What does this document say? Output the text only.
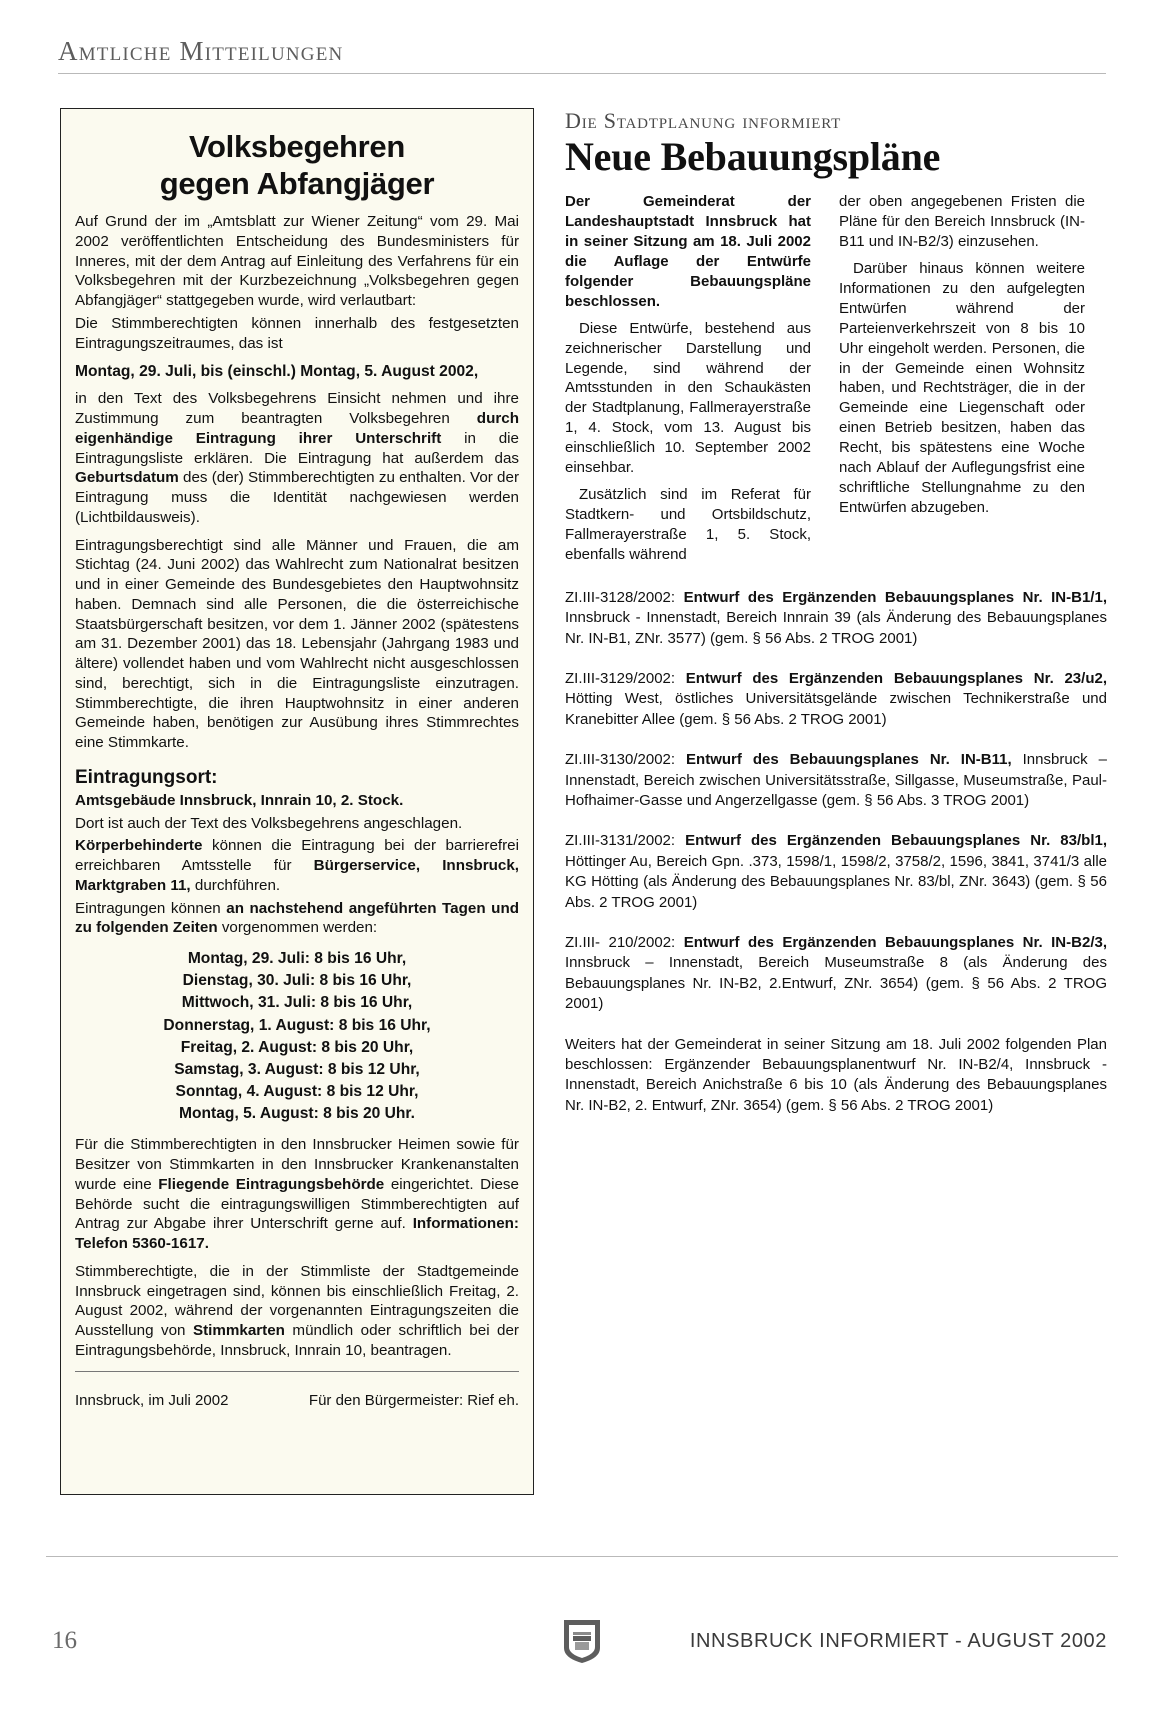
Amtliche Mitteilungen
Volksbegehren
gegen Abfangjäger

Auf Grund der im „Amtsblatt zur Wiener Zeitung“ vom 29. Mai 2002 veröffentlichten Entscheidung des Bundesministers für Inneres, mit der dem Antrag auf Einleitung des Verfahrens für ein Volksbegehren mit der Kurzbezeichnung „Volksbegehren gegen Abfangjäger“ stattgegeben wurde, wird verlautbart:

Die Stimmberechtigten können innerhalb des festgesetzten Eintragungszeitraumes, das ist

Montag, 29. Juli, bis (einschl.) Montag, 5. August 2002,

in den Text des Volksbegehrens Einsicht nehmen und ihre Zustimmung zum beantragten Volksbegehren durch eigenhändige Eintragung ihrer Unterschrift in die Eintragungsliste erklären. Die Eintragung hat außerdem das Geburtsdatum des (der) Stimmberechtigten zu enthalten. Vor der Eintragung muss die Identität nachgewiesen werden (Lichtbildausweis).

Eintragungsberechtigt sind alle Männer und Frauen, die am Stichtag (24. Juni 2002) das Wahlrecht zum Nationalrat besitzen und in einer Gemeinde des Bundesgebietes den Hauptwohnsitz haben. Demnach sind alle Personen, die die österreichische Staatsbürgerschaft besitzen, vor dem 1. Jänner 2002 (spätestens am 31. Dezember 2001) das 18. Lebensjahr (Jahrgang 1983 und ältere) vollendet haben und vom Wahlrecht nicht ausgeschlossen sind, berechtigt, sich in die Eintragungsliste einzutragen. Stimmberechtigte, die ihren Hauptwohnsitz in einer anderen Gemeinde haben, benötigen zur Ausübung ihres Stimmrechtes eine Stimmkarte.

Eintragungsort:

Amtsgebäude Innsbruck, Innrain 10, 2. Stock.

Dort ist auch der Text des Volksbegehrens angeschlagen.

Körperbehinderte können die Eintragung bei der barrierefrei erreichbaren Amtsstelle für Bürgerservice, Innsbruck, Marktgraben 11, durchführen.

Eintragungen können an nachstehend angeführten Tagen und zu folgenden Zeiten vorgenommen werden:

Montag, 29. Juli: 8 bis 16 Uhr,
Dienstag, 30. Juli: 8 bis 16 Uhr,
Mittwoch, 31. Juli: 8 bis 16 Uhr,
Donnerstag, 1. August: 8 bis 16 Uhr,
Freitag, 2. August: 8 bis 20 Uhr,
Samstag, 3. August: 8 bis 12 Uhr,
Sonntag, 4. August: 8 bis 12 Uhr,
Montag, 5. August: 8 bis 20 Uhr.

Für die Stimmberechtigten in den Innsbrucker Heimen sowie für Besitzer von Stimmkarten in den Innsbrucker Krankenanstalten wurde eine Fliegende Eintragungsbehörde eingerichtet. Diese Behörde sucht die eintragungswilligen Stimmberechtigten auf Antrag zur Abgabe ihrer Unterschrift gerne auf. Informationen: Telefon 5360-1617.

Stimmberechtigte, die in der Stimmliste der Stadtgemeinde Innsbruck eingetragen sind, können bis einschließlich Freitag, 2. August 2002, während der vorgenannten Eintragungszeiten die Ausstellung von Stimmkarten mündlich oder schriftlich bei der Eintragungsbehörde, Innsbruck, Innrain 10, beantragen.

Innsbruck, im Juli 2002	Für den Bürgermeister: Rief eh.
Die Stadtplanung informiert
Neue Bebauungspläne

Der Gemeinderat der Landeshauptstadt Innsbruck hat in seiner Sitzung am 18. Juli 2002 die Auflage der Entwürfe folgender Bebauungspläne beschlossen.

Diese Entwürfe, bestehend aus zeichnerischer Darstellung und Legende, sind während der Amtsstunden in den Schaukästen der Stadtplanung, Fallmerayerstraße 1, 4. Stock, vom 13. August bis einschließlich 10. September 2002 einsehbar.

Zusätzlich sind im Referat für Stadtkern- und Ortsbildschutz, Fallmerayerstraße 1, 5. Stock, ebenfalls während

der oben angegebenen Fristen die Pläne für den Bereich Innsbruck (IN-B11 und IN-B2/3) einzusehen.

Darüber hinaus können weitere Informationen zu den aufgelegten Entwürfen während der Parteienverkehrszeit von 8 bis 10 Uhr eingeholt werden. Personen, die in der Gemeinde einen Wohnsitz haben, und Rechtsträger, die in der Gemeinde eine Liegenschaft oder einen Betrieb besitzen, haben das Recht, bis spätestens eine Woche nach Ablauf der Auflegungsfrist eine schriftliche Stellungnahme zu den Entwürfen abzugeben.

ZI.III-3128/2002: Entwurf des Ergänzenden Bebauungsplanes Nr. IN-B1/1, Innsbruck - Innenstadt, Bereich Innrain 39 (als Änderung des Bebauungsplanes Nr. IN-B1, ZNr. 3577) (gem. § 56 Abs. 2 TROG 2001)

ZI.III-3129/2002: Entwurf des Ergänzenden Bebauungsplanes Nr. 23/u2, Hötting West, östliches Universitätsgelände zwischen Technikerstraße und Kranebitter Allee (gem. § 56 Abs. 2 TROG 2001)

ZI.III-3130/2002: Entwurf des Bebauungsplanes Nr. IN-B11, Innsbruck – Innenstadt, Bereich zwischen Universitätsstraße, Sillgasse, Museumstraße, Paul-Hofhaimer-Gasse und Angerzellgasse (gem. § 56 Abs. 3 TROG 2001)

ZI.III-3131/2002: Entwurf des Ergänzenden Bebauungsplanes Nr. 83/bl1, Höttinger Au, Bereich Gpn. .373, 1598/1, 1598/2, 3758/2, 1596, 3841, 3741/3 alle KG Hötting (als Änderung des Bebauungsplanes Nr. 83/bl, ZNr. 3643) (gem. § 56 Abs. 2 TROG 2001)

ZI.III- 210/2002: Entwurf des Ergänzenden Bebauungsplanes Nr. IN-B2/3, Innsbruck – Innenstadt, Bereich Museumstraße 8 (als Änderung des Bebauungsplanes Nr. IN-B2, 2.Entwurf, ZNr. 3654) (gem. § 56 Abs. 2 TROG 2001)

Weiters hat der Gemeinderat in seiner Sitzung am 18. Juli 2002 folgenden Plan beschlossen: Ergänzender Bebauungsplanentwurf Nr. IN-B2/4, Innsbruck - Innenstadt, Bereich Anichstraße 6 bis 10 (als Änderung des Bebauungsplanes Nr. IN-B2, 2. Entwurf, ZNr. 3654) (gem. § 56 Abs. 2 TROG 2001)

16	INNSBRUCK INFORMIERT - AUGUST 2002
